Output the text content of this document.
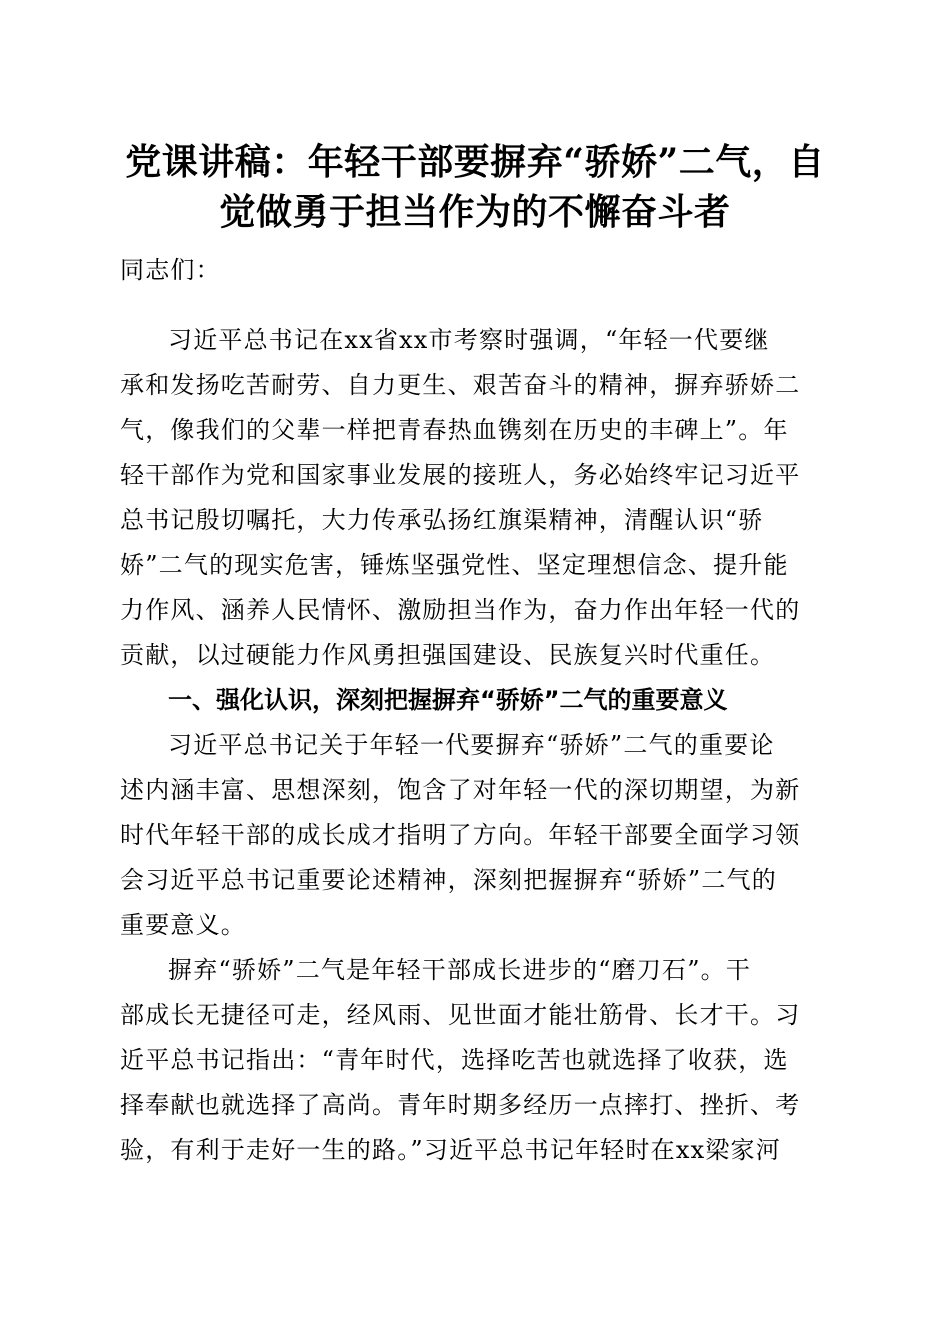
党课讲稿：年轻干部要摒弃“骄娇”二气，自
觉做勇于担当作为的不懈奋斗者
同志们：
习近平总书记在xx省xx市考察时强调，“年轻一代要继
承和发扬吃苦耐劳、自力更生、艰苦奋斗的精神，摒弃骄娇二
气，像我们的父辈一样把青春热血镌刻在历史的丰碑上”。年
轻干部作为党和国家事业发展的接班人，务必始终牢记习近平
总书记殷切嘱托，大力传承弘扬红旗渠精神，清醒认识“骄
娇”二气的现实危害，锤炼坚强党性、坚定理想信念、提升能
力作风、涵养人民情怀、激励担当作为，奋力作出年轻一代的
贡献，以过硬能力作风勇担强国建设、民族复兴时代重任。
一、强化认识，深刻把握摒弃“骄娇”二气的重要意义
习近平总书记关于年轻一代要摒弃“骄娇”二气的重要论
述内涵丰富、思想深刻，饱含了对年轻一代的深切期望，为新
时代年轻干部的成长成才指明了方向。年轻干部要全面学习领
会习近平总书记重要论述精神，深刻把握摒弃“骄娇”二气的
重要意义。
摒弃“骄娇”二气是年轻干部成长进步的“磨刀石”。干
部成长无捷径可走，经风雨、见世面才能壮筋骨、长才干。习
近平总书记指出：“青年时代，选择吃苦也就选择了收获，选
择奉献也就选择了高尚。青年时期多经历一点摔打、挫折、考
验，有利于走好一生的路。”习近平总书记年轻时在xx梁家河
